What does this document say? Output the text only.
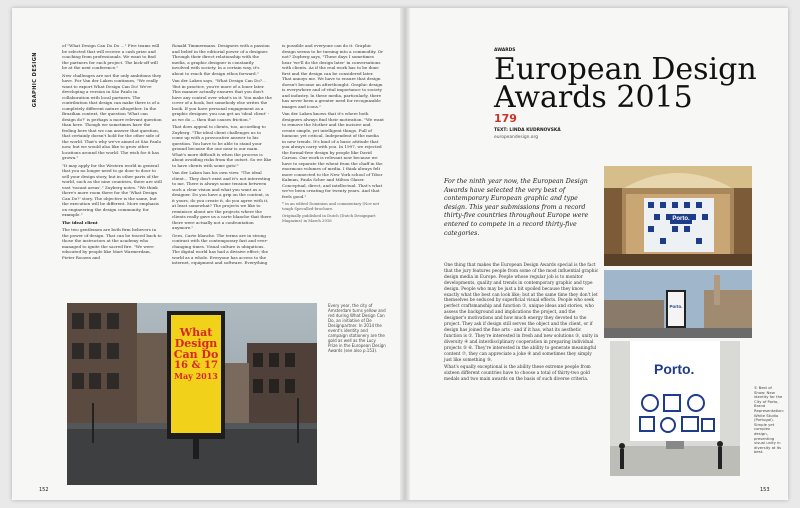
GRAPHIC DESIGN

of "What Design Can Do Do ..." Five teams will be selected that will receive a cash prize and coaching from professionals. We want to find the partners for each project. The kick-off will be at the next conference."

New challenges are not the only ambitions they have. For Van der Laken continues, "We really want to export What Design Can Do! We're developing a version in São Paulo in collaboration with local partners. The contribution that design can make there is of a completely different nature altogether. In the Brazilian context, the question 'What can design do?' is perhaps a more relevant question than here. Though we sometimes have the feeling here that we can answer that question, that certainly doesn't hold for the other side of the world. That's why we've aimed at São Paulo now, but we would also like to grow other locations around the world. The wish for it has grown."

"It may apply for the Western world in general that you no longer need to go door to door to sell your design story, but in other parts of the world, such as the nine countries, there are still vast 'vacant areas'," Zuyberg notes. "We think there's more room there for the 'What Design Can Do?' story. The objective is the same, but the execution will be different. More emphasis on engineering the design community, for example."

The ideal client

The two gentlemen are both firm believers in the power of design. That can be traced back to those the instructors at the academy who managed to ignite the sacred fire. "We were educated by people like Mart Warmerdam, Pieter Roozen and

Ronald Timmermans. Designers with a passion and belief in the editorial power of a designer. Through their direct relationship with the media, a graphic designer is constantly involved with society. In a certain way, it's about to reach the design ethos forward."

Van der Laken says, "What Design Can Do?... 'But in practice, you're more of a loner later. This manner actually ensures that you don't have any control over what's in it. You make the cover of a book, but somebody else writes the book. If you have personal engagement as a graphic designer, you can get an 'ideal client' - as we do — then that causes friction."

That does appeal to clients, too, according to Zuyberg. "The ideal client challenges us to come up with a provocative answer to his question. You have to be able to stand your ground because the one near is our main. What's more difficult is when the process is about avoiding risks from the outset. So we like to have clients with some guts!"

Van der Laken has his own view. "The ideal client... They don't exist and it's not interesting to me. There is always some tension between such a clear vision and what you want as a designer. Do you have a grip on the content, is it yours, do you create it, do you agree with it, at least somewhat? The projects we like to reminisce about are the projects where the clients really gave us a carte blanche that there there were actually not a confrontation anymore."

Gees, Carte blanche. The terms are in strong contrast with the contemporary fast and ever-changing times. Visual culture is ubiquitous. The digital world has had a divisive effect; the world as a whole. Everyone has access to the internet, equipment and software. Everything

is possible and everyone can do it. Graphic design seems to be turning into a commodity. Or not? Zuyberg says, "These days I sometimes hear 'we'll do the design later' in conversations with clients. As if the real work has to be done first and the design can be considered later. That annoys me. We have to ensure that design doesn't become an afterthought. Graphic design is everywhere and of vital importance to society and industry. In these media, particularly, there has never been a greater need for recognizable images and icons."

Van der Laken knows that it's where both designers always find their motivation. "We want to remove the Mother and the incisive and create simple, yet intelligent things. Full of humour, yet critical. Independent of the media in new trends. It's kind of a basic attitude that you always carry with you. In 1997, we rejected the formal-free design by people like David Carson. Our work is relevant now because we have to separate the wheat from the chaff in the enormous volumes of media. I think always felt more connected to the New York school of Tibor Kalman, Paula Scher and Milton Glaser. Conceptual, direct, and intellectual. That's what we've been creating for twenty years. And that feels good."

* in an edited Dominion and commentary (Nov net tough Speculled-brochure.

Originally published in Dutch (Dutch Designpart Magazine) in March 2016

What
Design
Can Do
16 & 17
May 2013
Every year, the city of Amsterdam turns yellow and red during What Design Can Do, an initiative of De Designpartner. In 2014 the event's identity and campaign stationery are the gold as well as the Lucy Prize in the European Design Awards (see also p.153).
152
AWARDS
European Design
Awards 2015
179
TEXT: LINDA KUDRNOVSKÁ
europeandesign.org
For the ninth year now, the European Design Awards have selected the very best of contemporary European graphic and type design. This year submissions from a record thirty-five countries throughout Europe were entered to compete in a record thirty-five categories.

One thing that makes the European Design Awards special is the fact that the jury features people from some of the most influential graphic design media in Europe. People whose regular job is to monitor developments, quality and trends in contemporary graphic and type design. People who may be just a bit spoiled because they know exactly what the best can look like; but at the same time they don't let themselves be seduced by superficial visual effects. People who seek perfect craftsmanship and function ①, unique ideas and stories, who assess the background and implications the project, and the designer's motivations and how much energy they devoted to the project. They ask if design still serves the object and the client, or if design has joined the fine arts - and if it has, what its aesthetic function is ②. They're interested in fresh and new solutions ③, unity in diversity ④ and interdisciplinary cooperation in preparing individual projects ⑤ ⑥. They're interested in the ability to generate meaningful content ⑦, they can appreciate a joke ⑧ and sometimes they simply just like something ⑨.

What's equally exceptional is the ability these extreme people from sixteen different countries have to choose a total of thirty-two gold medals and two main awards on the basis of such diverse criteria.

Porto.
Porto.
Porto.
① Best of Show: New identity for the City of Porto, Brand Representation: White Studio (Portugal). Simple yet complex design, presenting visual unity in diversity at its best.
153
